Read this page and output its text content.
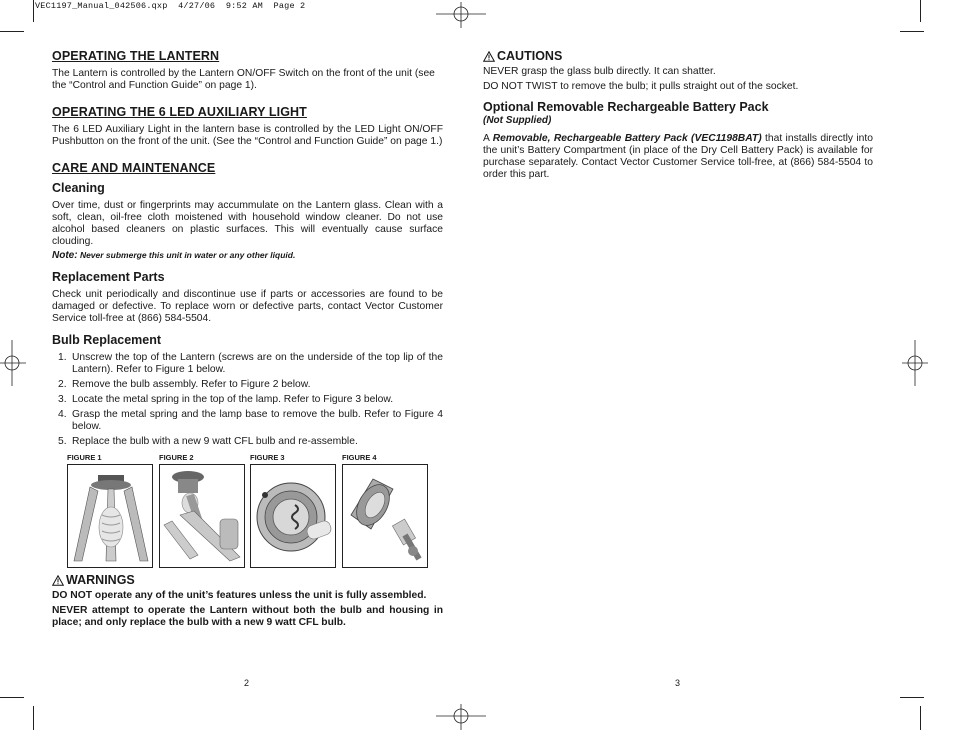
VEC1197_Manual_042506.qxp  4/27/06  9:52 AM  Page 2
OPERATING THE LANTERN

The Lantern is controlled by the Lantern ON/OFF Switch on the front of the unit (see the “Control and Function Guide” on page 1).

OPERATING THE 6 LED AUXILIARY LIGHT

The 6 LED Auxiliary Light in the lantern base is controlled by the LED Light ON/OFF Pushbutton on the front of the unit. (See the “Control and Function Guide” on page 1.)

CARE AND MAINTENANCE
Cleaning

Over time, dust or fingerprints may accummulate on the Lantern glass. Clean with a soft, clean, oil-free cloth moistened with household window cleaner. Do not use alcohol based cleaners on plastic surfaces. This will eventually cause surface clouding.

Note: Never submerge this unit in water or any other liquid.
Replacement Parts

Check unit periodically and discontinue use if parts or accessories are found to be damaged or defective. To replace worn or defective parts, contact Vector Customer Service toll-free at (866) 584-5504.

Bulb Replacement
1. Unscrew the top of the Lantern (screws are on the underside of the top lip of the Lantern). Refer to Figure 1 below.
2. Remove the bulb assembly. Refer to Figure 2 below.
3. Locate the metal spring in the top of the lamp. Refer to Figure 3 below.
4. Grasp the metal spring and the lamp base to remove the bulb. Refer to Figure 4 below.
5. Replace the bulb with a new 9 watt CFL bulb and re-assemble.
FIGURE 1	FIGURE 2	FIGURE 3	FIGURE 4
WARNINGS

DO NOT operate any of the unit’s features unless the unit is fully assembled.

NEVER attempt to operate the Lantern without both the bulb and housing in place; and only replace the bulb with a new 9 watt CFL bulb.

2
CAUTIONS

NEVER grasp the glass bulb directly. It can shatter.

DO NOT TWIST to remove the bulb; it pulls straight out of the socket.

Optional Removable Rechargeable Battery Pack
(Not Supplied)

A Removable, Rechargeable Battery Pack (VEC1198BAT) that installs directly into the unit’s Battery Compartment (in place of the Dry Cell Battery Pack) is available for purchase separately. Contact Vector Customer Service toll-free, at (866) 584-5504 to order this part.

3
